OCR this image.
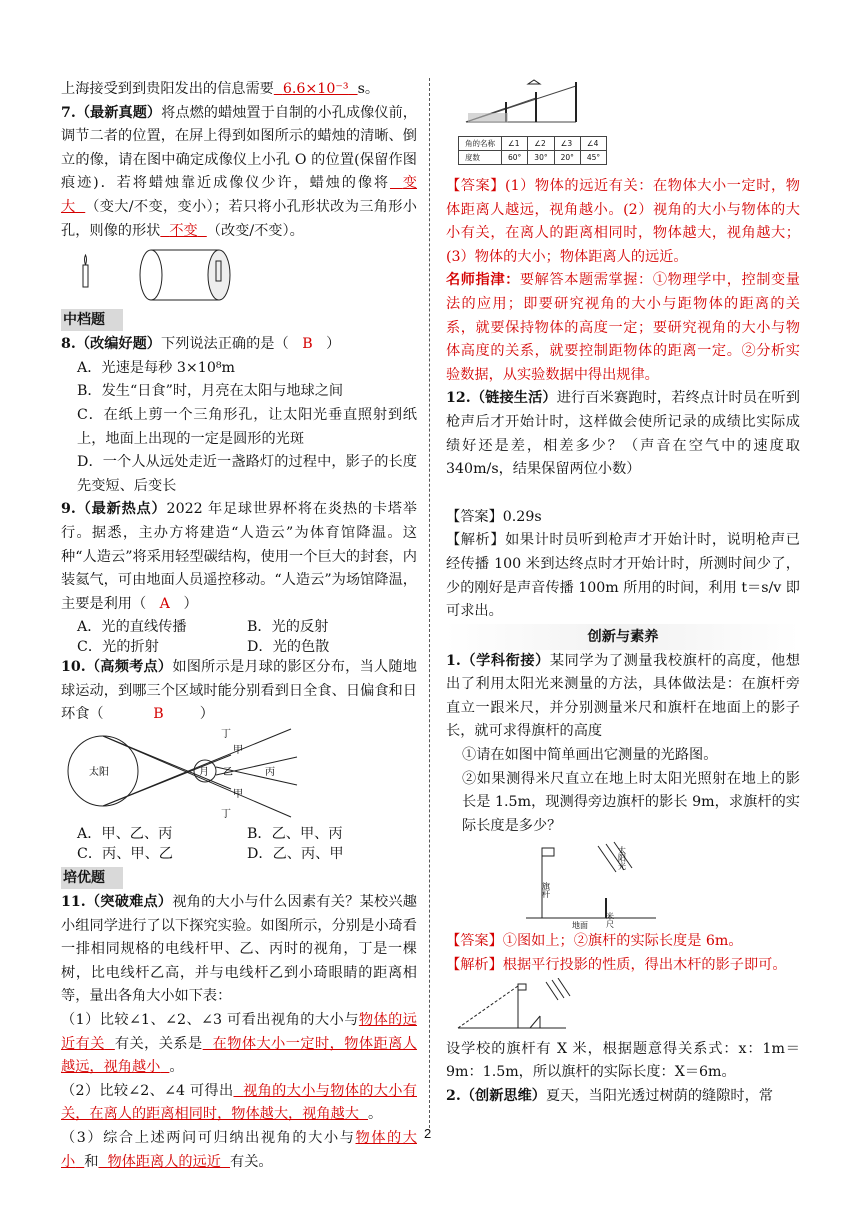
上海接受到到贵阳发出的信息需要 6.6×10⁻³ s。

7.（最新真题）将点燃的蜡烛置于自制的小孔成像仪前，调节二者的位置，在屏上得到如图所示的蜡烛的清晰、倒立的像，请在图中确定成像仪上小孔 O 的位置(保留作图痕迹)．若将蜡烛靠近成像仪少许，蜡烛的像将 变大 （变大/不变，变小）；若只将小孔形状改为三角形小孔，则像的形状 不变 （改变/不变）。

中档题

8.（改编好题）下列说法正确的是（ B ）

A．光速是每秒 3×10⁸m

B．发生“日食”时，月亮在太阳与地球之间

C．在纸上剪一个三角形孔，让太阳光垂直照射到纸上，地面上出现的一定是圆形的光斑

D．一个人从远处走近一盏路灯的过程中，影子的长度先变短、后变长

9.（最新热点）2022 年足球世界杯将在炎热的卡塔举行。据悉，主办方将建造“人造云”为体育馆降温。这种“人造云”将采用轻型碳结构，使用一个巨大的封套，内装氦气，可由地面人员遥控移动。“人造云”为场馆降温，主要是利用（ A ）

A．光的直线传播	B．光的反射
C．光的折射	D．光的色散

10.（高频考点）如图所示是月球的影区分布，当人随地球运动，到哪三个区域时能分别看到日全食、日偏食和日环食（	B	）

太阳	月 乙
甲
甲
丙
丁
丁
A．甲、乙、丙	B．乙、甲、丙
C．丙、甲、乙	D．乙、丙、甲
培优题

11.（突破难点）视角的大小与什么因素有关？某校兴趣小组同学进行了以下探究实验。如图所示，分别是小琦看一排相同规格的电线杆甲、乙、丙时的视角，丁是一棵树，比电线杆乙高，并与电线杆乙到小琦眼睛的距离相等，量出各角大小如下表：

（1）比较∠1、∠2、∠3 可看出视角的大小与物体的远近有关 有关，关系是 在物体大小一定时，物体距离人越远，视角越小 。

（2）比较∠2、∠4 可得出 视角的大小与物体的大小有关，在离人的距离相同时，物体越大，视角越大 。

（3）综合上述两问可归纳出视角的大小与物体的大小 和 物体距离人的远近 有关。

角的名称	∠1	∠2	∠3	∠4
度数	60°	30°	20°	45°

【答案】(1）物体的远近有关：在物体大小一定时，物体距离人越远，视角越小。(2）视角的大小与物体的大小有关，在离人的距离相同时，物体越大，视角越大；(3）物体的大小；物体距离人的远近。

名师指津：要解答本题需掌握：①物理学中，控制变量法的应用；即要研究视角的大小与距物体的距离的关系，就要保持物体的高度一定；要研究视角的大小与物体高度的关系，就要控制距物体的距离一定。②分析实验数据，从实验数据中得出规律。

12.（链接生活）进行百米赛跑时，若终点计时员在听到枪声后才开始计时，这样做会使所记录的成绩比实际成绩好还是差，相差多少？（声音在空气中的速度取 340m/s，结果保留两位小数）

【答案】0.29s

【解析】如果计时员听到枪声才开始计时，说明枪声已经传播 100 米到达终点时才开始计时，所测时间少了，少的刚好是声音传播 100m 所用的时间，利用 t＝s/v 即可求出。

创新与素养

1.（学科衔接）某同学为了测量我校旗杆的高度，他想出了利用太阳光来测量的方法，具体做法是：在旗杆旁直立一跟米尺，并分别测量米尺和旗杆在地面上的影子长，就可求得旗杆的高度

①请在如图中简单画出它测量的光路图。

②如果测得米尺直立在地上时太阳光照射在地上的影长是 1.5m，现测得旁边旗杆的影长 9m，求旗杆的实际长度是多少？

旗杆
米尺
太阳光
地面

【答案】①图如上；②旗杆的实际长度是 6m。

【解析】根据平行投影的性质，得出木杆的影子即可。

设学校的旗杆有 X 米，根据题意得关系式：x：1m＝9m：1.5m，所以旗杆的实际长度：X＝6m。

2.（创新思维）夏天，当阳光透过树荫的缝隙时，常

2
